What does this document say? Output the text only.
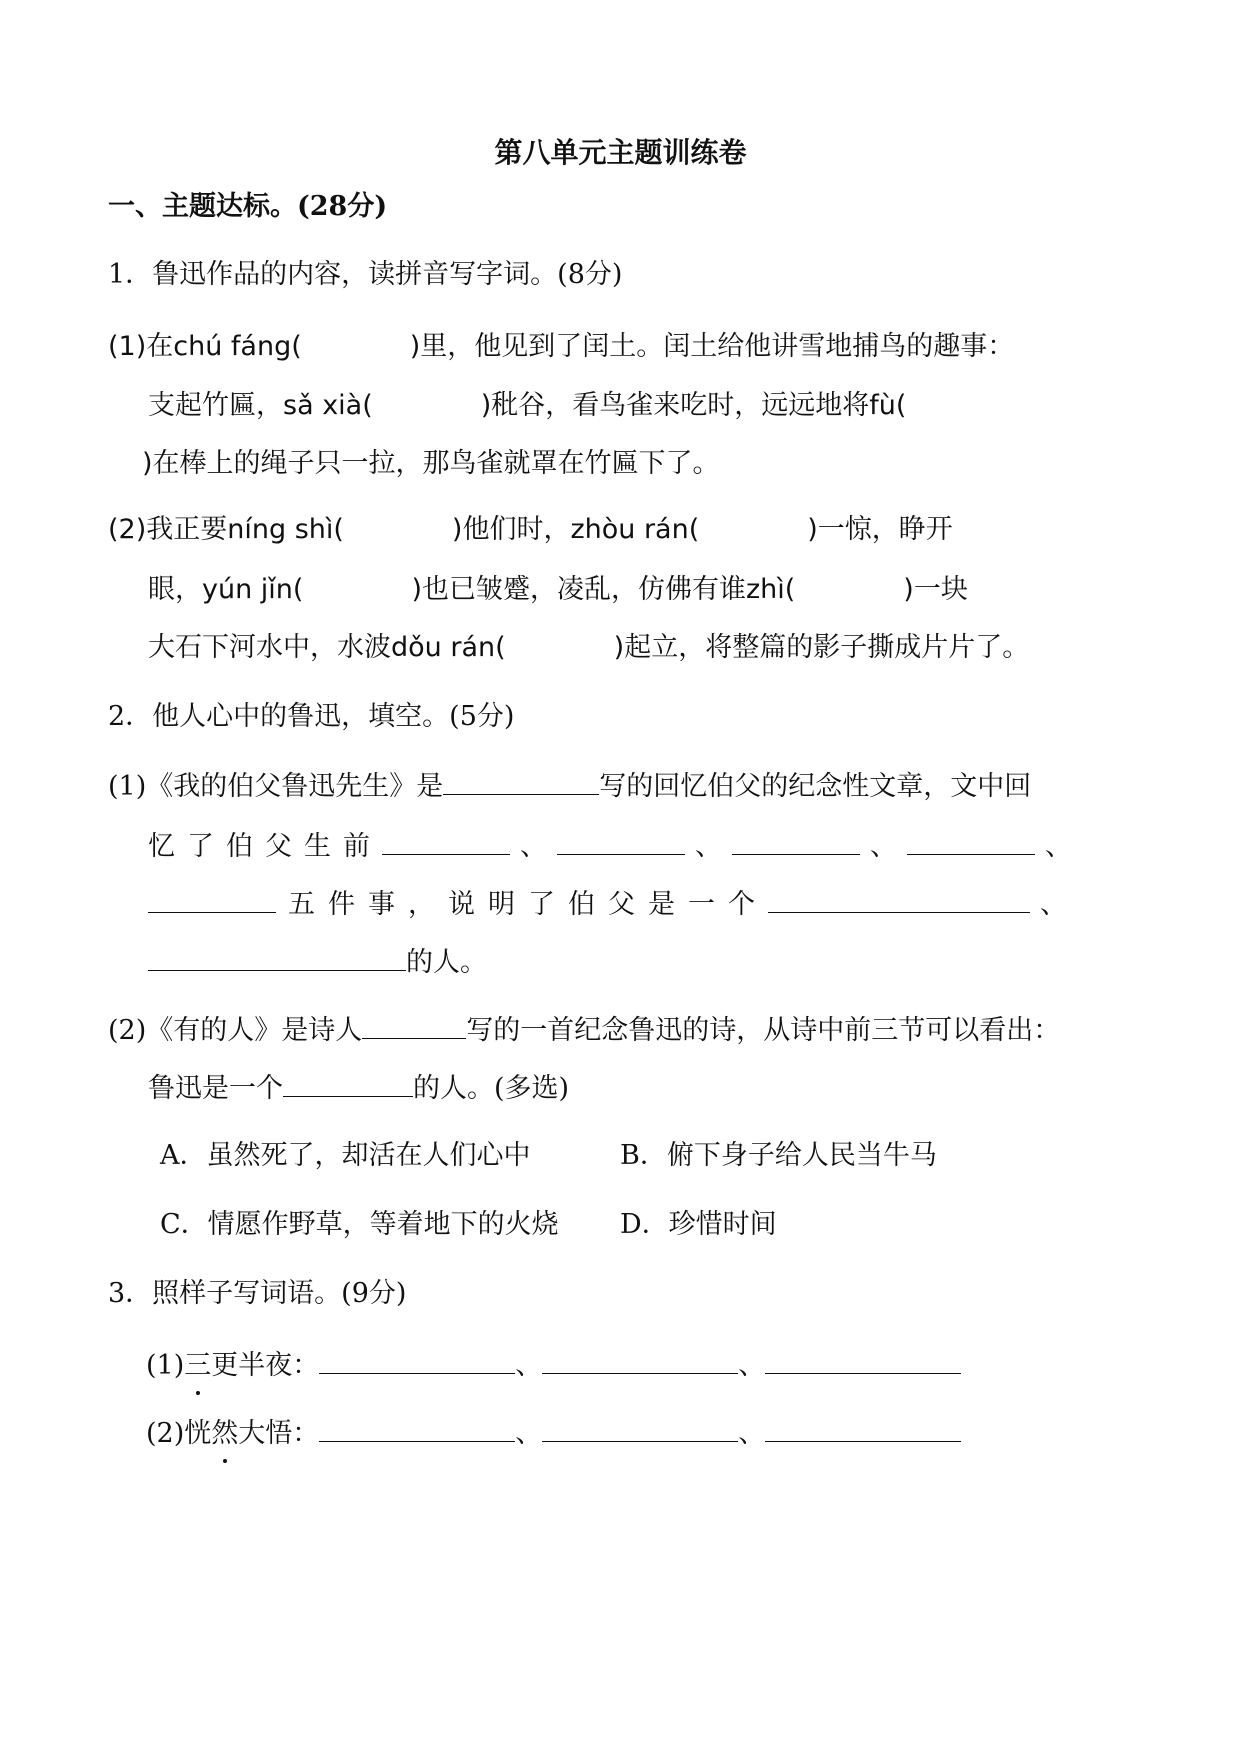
第八单元主题训练卷
一、主题达标。(28分)
1．鲁迅作品的内容，读拼音写字词。(8分)
(1)在chú fáng(	)里，他见到了闰土。闰土给他讲雪地捕鸟的趣事：
支起竹匾，sǎ xià(	)秕谷，看鸟雀来吃时，远远地将fù(
)在棒上的绳子只一拉，那鸟雀就罩在竹匾下了。
(2)我正要níng shì(	)他们时，zhòu rán(	)一惊，睁开
眼，yún jǐn(	)也已皱蹙，凌乱，仿佛有谁zhì(	)一块
大石下河水中，水波dǒu rán(	)起立，将整篇的影子撕成片片了。
2．他人心中的鲁迅，填空。(5分)
(1)《我的伯父鲁迅先生》是	写的回忆伯父的纪念性文章，文中回
忆了伯父生前	、	、	、	、
五件事，说明了伯父是一个	、
的人。
(2)《有的人》是诗人	写的一首纪念鲁迅的诗，从诗中前三节可以看出：
鲁迅是一个	的人。(多选)
A．虽然死了，却活在人们心中	B．俯下身子给人民当牛马
C．情愿作野草，等着地下的火烧 D．珍惜时间
3．照样子写词语。(9分)
(1)三更半夜：	、	、
(2)恍然大悟：	、	、
